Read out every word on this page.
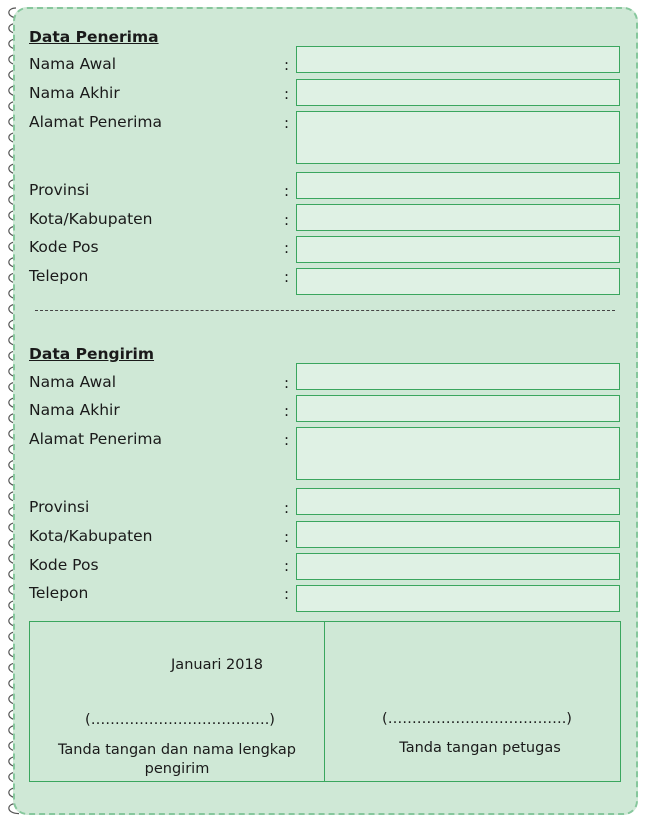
Data Penerima
Nama Awal	:
Nama Akhir	:
Alamat Penerima	:
Provinsi	:
Kota/Kabupaten	:
Kode Pos	:
Telepon	:
Data Pengirim
Nama Awal	:
Nama Akhir	:
Alamat Penerima	:
Provinsi	:
Kota/Kabupaten	:
Kode Pos	:
Telepon	:
Januari 2018
(……………………………….)
Tanda tangan dan nama lengkap pengirim
(……………………………….)
Tanda tangan petugas
